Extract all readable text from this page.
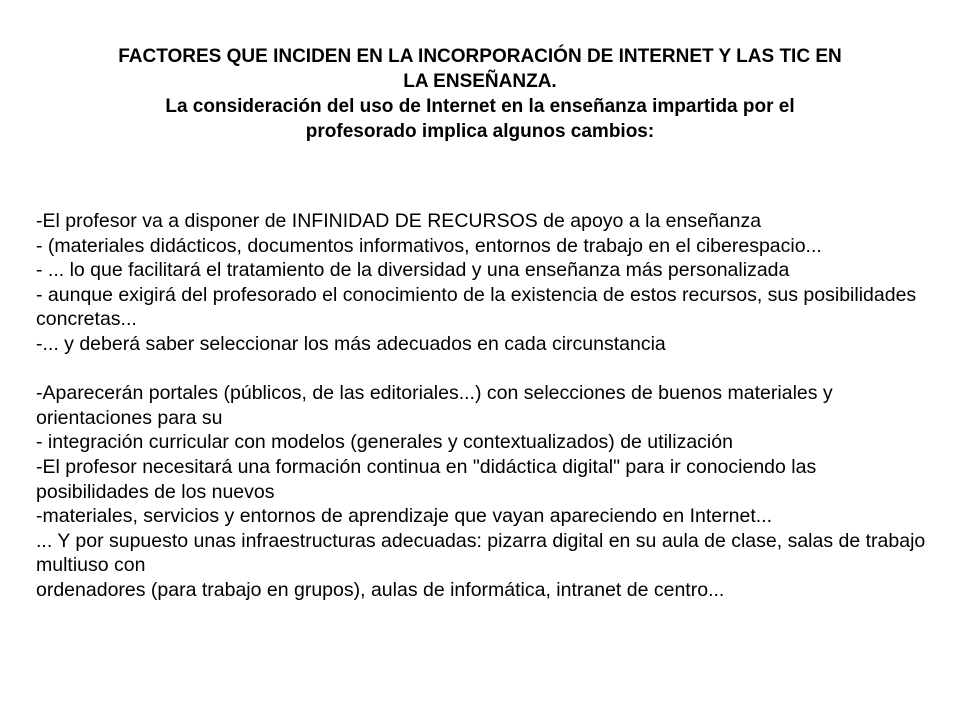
FACTORES QUE INCIDEN EN LA INCORPORACIÓN DE INTERNET Y LAS TIC EN
LA ENSEÑANZA.
La consideración del uso de Internet en la enseñanza impartida por el
profesorado implica algunos cambios:
-El profesor va a disponer de INFINIDAD DE RECURSOS de apoyo a la enseñanza
- (materiales didácticos, documentos informativos, entornos de trabajo en el ciberespacio...
- ... lo que facilitará el tratamiento de la diversidad y una enseñanza más personalizada
- aunque exigirá del profesorado el conocimiento de la existencia de estos recursos, sus posibilidades concretas...
-... y deberá saber seleccionar los más adecuados en cada circunstancia
-Aparecerán portales (públicos, de las editoriales...) con selecciones de buenos materiales y orientaciones para su
- integración curricular con modelos (generales y contextualizados) de utilización
-El profesor necesitará una formación continua en "didáctica digital" para ir conociendo las posibilidades de los nuevos
-materiales, servicios y entornos de aprendizaje que vayan apareciendo en Internet...
... Y por supuesto unas infraestructuras adecuadas: pizarra digital en su aula de clase, salas de trabajo multiuso con
ordenadores (para trabajo en grupos), aulas de informática, intranet de centro...
